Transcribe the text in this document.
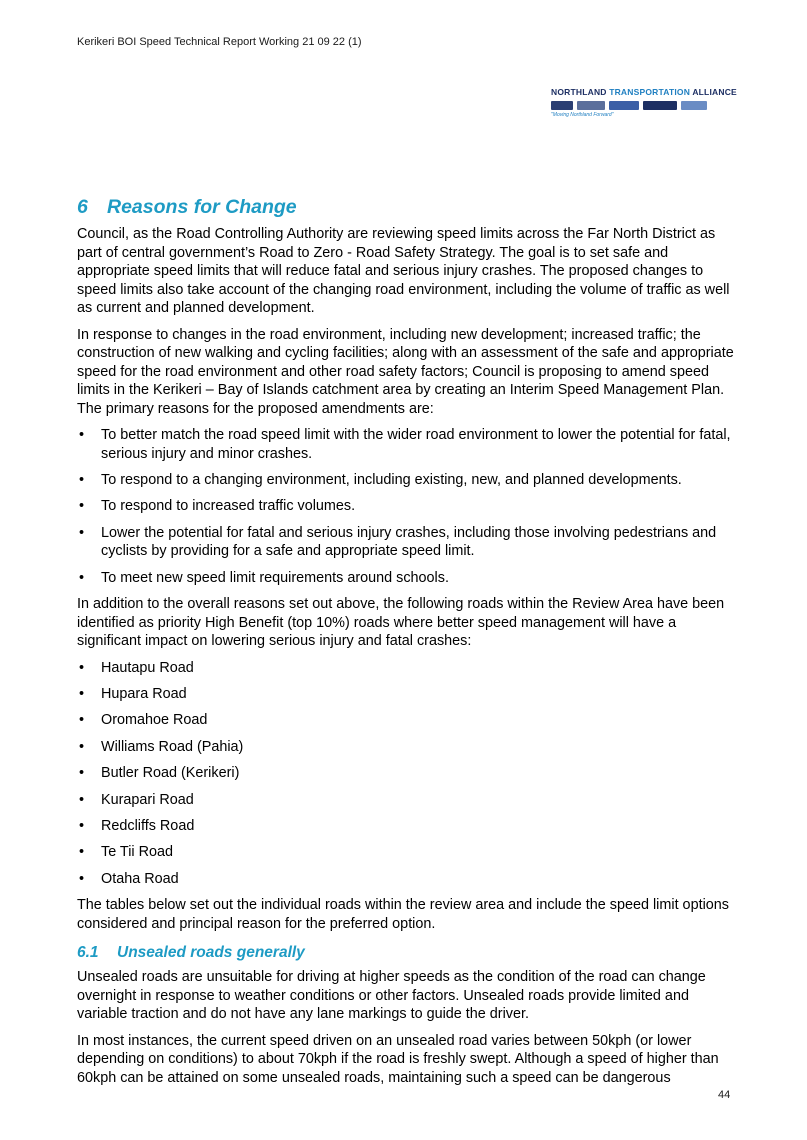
Kerikeri BOI Speed Technical Report Working 21 09 22 (1)
NORTHLAND TRANSPORTATION ALLIANCE
"Moving Northland Forward"
6 Reasons for Change

Council, as the Road Controlling Authority are reviewing speed limits across the Far North District as part of central government’s Road to Zero - Road Safety Strategy. The goal is to set safe and appropriate speed limits that will reduce fatal and serious injury crashes. The proposed changes to speed limits also take account of the changing road environment, including the volume of traffic as well as current and planned development.

In response to changes in the road environment, including new development; increased traffic; the construction of new walking and cycling facilities; along with an assessment of the safe and appropriate speed for the road environment and other road safety factors; Council is proposing to amend speed limits in the Kerikeri – Bay of Islands catchment area by creating an Interim Speed Management Plan. The primary reasons for the proposed amendments are:

• To better match the road speed limit with the wider road environment to lower the potential for fatal, serious injury and minor crashes.
• To respond to a changing environment, including existing, new, and planned developments.
• To respond to increased traffic volumes.
• Lower the potential for fatal and serious injury crashes, including those involving pedestrians and cyclists by providing for a safe and appropriate speed limit.
• To meet new speed limit requirements around schools.

In addition to the overall reasons set out above, the following roads within the Review Area have been identified as priority High Benefit (top 10%) roads where better speed management will have a significant impact on lowering serious injury and fatal crashes:

• Hautapu Road
• Hupara Road
• Oromahoe Road
• Williams Road (Pahia)
• Butler Road (Kerikeri)
• Kurapari Road
• Redcliffs Road
• Te Tii Road
• Otaha Road

The tables below set out the individual roads within the review area and include the speed limit options considered and principal reason for the preferred option.

6.1 Unsealed roads generally

Unsealed roads are unsuitable for driving at higher speeds as the condition of the road can change overnight in response to weather conditions or other factors. Unsealed roads provide limited and variable traction and do not have any lane markings to guide the driver.

In most instances, the current speed driven on an unsealed road varies between 50kph (or lower depending on conditions) to about 70kph if the road is freshly swept. Although a speed of higher than 60kph can be attained on some unsealed roads, maintaining such a speed can be dangerous

44
